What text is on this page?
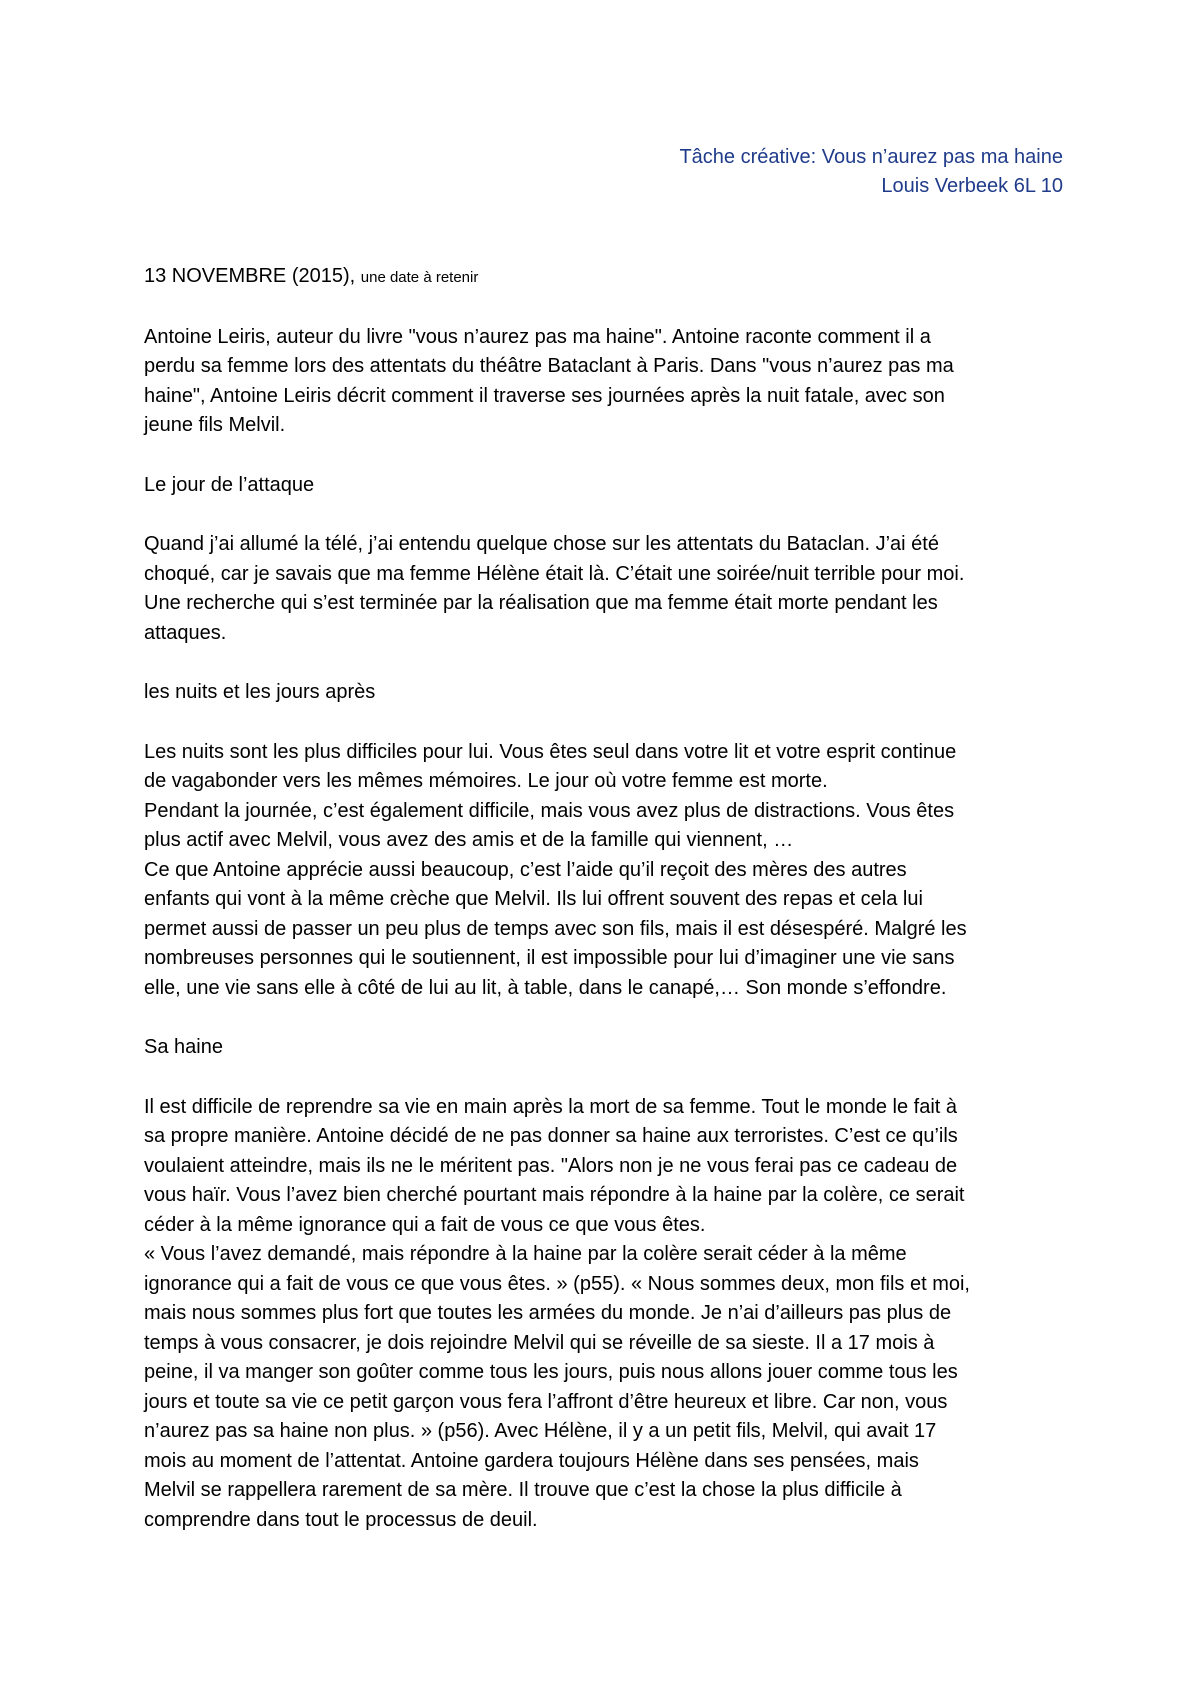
Tâche créative: Vous n’aurez pas ma haine
Louis Verbeek 6L 10

13 NOVEMBRE (2015), une date à retenir

Antoine Leiris, auteur du livre "vous n’aurez pas ma haine". Antoine raconte comment il a

perdu sa femme lors des attentats du théâtre Bataclant à Paris. Dans "vous n’aurez pas ma

haine", Antoine Leiris décrit comment il traverse ses journées après la nuit fatale, avec son

jeune fils Melvil.

Le jour de l’attaque

Quand j’ai allumé la télé, j’ai entendu quelque chose sur les attentats du Bataclan. J’ai été

choqué, car je savais que ma femme Hélène était là. C’était une soirée/nuit terrible pour moi.

Une recherche qui s’est terminée par la réalisation que ma femme était morte pendant les

attaques.

les nuits et les jours après

Les nuits sont les plus difficiles pour lui. Vous êtes seul dans votre lit et votre esprit continue

de vagabonder vers les mêmes mémoires. Le jour où votre femme est morte.

Pendant la journée, c’est également difficile, mais vous avez plus de distractions. Vous êtes

plus actif avec Melvil, vous avez des amis et de la famille qui viennent, …

Ce que Antoine apprécie aussi beaucoup, c’est l’aide qu’il reçoit des mères des autres

enfants qui vont à la même crèche que Melvil. Ils lui offrent souvent des repas et cela lui

permet aussi de passer un peu plus de temps avec son fils, mais il est désespéré. Malgré les

nombreuses personnes qui le soutiennent, il est impossible pour lui d’imaginer une vie sans

elle, une vie sans elle à côté de lui au lit, à table, dans le canapé,… Son monde s’effondre.

Sa haine

Il est difficile de reprendre sa vie en main après la mort de sa femme. Tout le monde le fait à

sa propre manière. Antoine décidé de ne pas donner sa haine aux terroristes. C’est ce qu’ils

voulaient atteindre, mais ils ne le méritent pas. "Alors non je ne vous ferai pas ce cadeau de

vous haïr. Vous l’avez bien cherché pourtant mais répondre à la haine par la colère, ce serait

céder à la même ignorance qui a fait de vous ce que vous êtes.

« Vous l’avez demandé, mais répondre à la haine par la colère serait céder à la même

ignorance qui a fait de vous ce que vous êtes. » (p55). « Nous sommes deux, mon fils et moi,

mais nous sommes plus fort que toutes les armées du monde. Je n’ai d’ailleurs pas plus de

temps à vous consacrer, je dois rejoindre Melvil qui se réveille de sa sieste. Il a 17 mois à

peine, il va manger son goûter comme tous les jours, puis nous allons jouer comme tous les

jours et toute sa vie ce petit garçon vous fera l’affront d’être heureux et libre. Car non, vous

n’aurez pas sa haine non plus. » (p56). Avec Hélène, il y a un petit fils, Melvil, qui avait 17

mois au moment de l’attentat. Antoine gardera toujours Hélène dans ses pensées, mais

Melvil se rappellera rarement de sa mère. Il trouve que c’est la chose la plus difficile à

comprendre dans tout le processus de deuil.
